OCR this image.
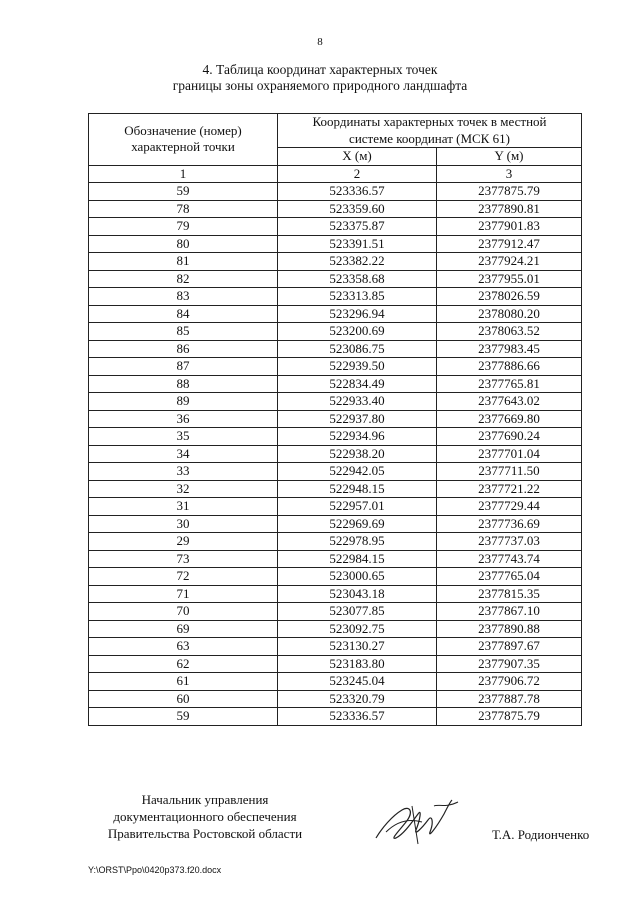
8
4. Таблица координат характерных точек
границы зоны охраняемого природного ландшафта
Обозначение (номер) характерной точки	Координаты характерных точек в местной системе координат (МСК 61)	
	X (м)	Y (м)
1	2	3
59	523336.57	2377875.79
78	523359.60	2377890.81
79	523375.87	2377901.83
80	523391.51	2377912.47
81	523382.22	2377924.21
82	523358.68	2377955.01
83	523313.85	2378026.59
84	523296.94	2378080.20
85	523200.69	2378063.52
86	523086.75	2377983.45
87	522939.50	2377886.66
88	522834.49	2377765.81
89	522933.40	2377643.02
36	522937.80	2377669.80
35	522934.96	2377690.24
34	522938.20	2377701.04
33	522942.05	2377711.50
32	522948.15	2377721.22
31	522957.01	2377729.44
30	522969.69	2377736.69
29	522978.95	2377737.03
73	522984.15	2377743.74
72	523000.65	2377765.04
71	523043.18	2377815.35
70	523077.85	2377867.10
69	523092.75	2377890.88
63	523130.27	2377897.67
62	523183.80	2377907.35
61	523245.04	2377906.72
60	523320.79	2377887.78
59	523336.57	2377875.79
Начальник управления
документационного обеспечения
Правительства Ростовской области	Т.А. Родионченко
Y:\ORST\Ppo\0420p373.f20.docx
